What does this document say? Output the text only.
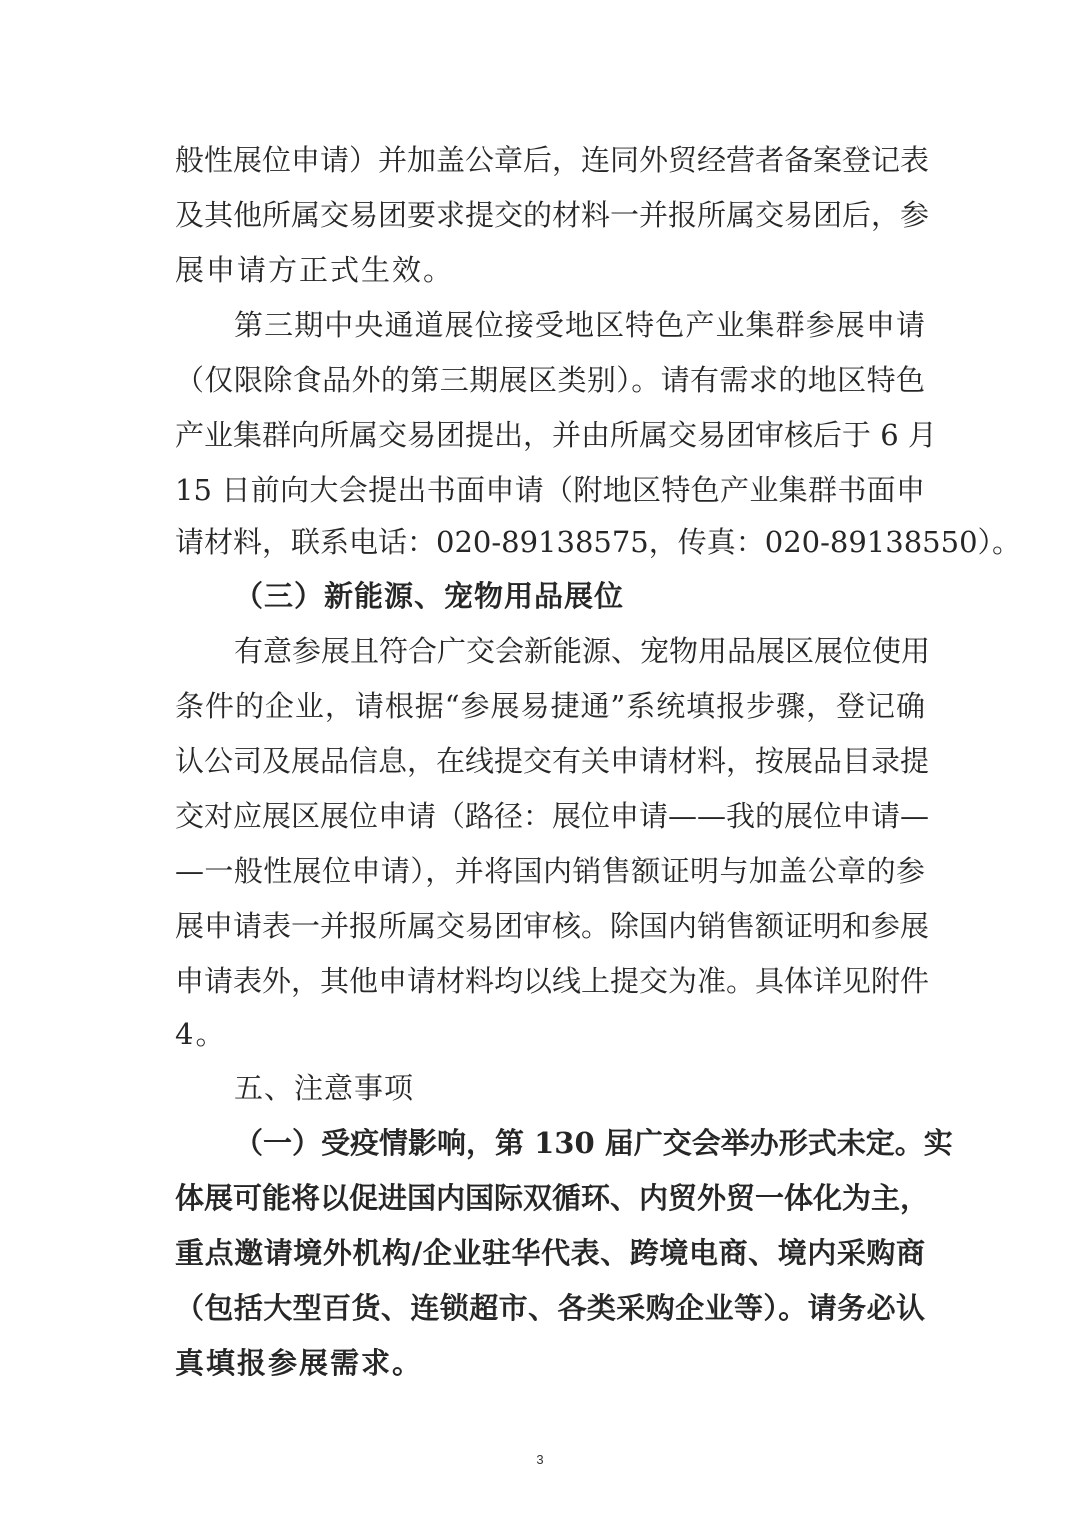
般性展位申请）并加盖公章后，连同外贸经营者备案登记表
及其他所属交易团要求提交的材料一并报所属交易团后，参
展申请方正式生效。
第三期中央通道展位接受地区特色产业集群参展申请
（仅限除食品外的第三期展区类别）。请有需求的地区特色
产业集群向所属交易团提出，并由所属交易团审核后于 6 月
15 日前向大会提出书面申请（附地区特色产业集群书面申
请材料，联系电话：020-89138575，传真：020-89138550）。
（三）新能源、宠物用品展位
有意参展且符合广交会新能源、宠物用品展区展位使用
条件的企业，请根据“参展易捷通”系统填报步骤，登记确
认公司及展品信息，在线提交有关申请材料，按展品目录提
交对应展区展位申请（路径：展位申请——我的展位申请—
—一般性展位申请），并将国内销售额证明与加盖公章的参
展申请表一并报所属交易团审核。除国内销售额证明和参展
申请表外，其他申请材料均以线上提交为准。具体详见附件
4。
五、注意事项
（一）受疫情影响，第 130 届广交会举办形式未定。实
体展可能将以促进国内国际双循环、内贸外贸一体化为主，
重点邀请境外机构/企业驻华代表、跨境电商、境内采购商
（包括大型百货、连锁超市、各类采购企业等）。请务必认
真填报参展需求。
3
